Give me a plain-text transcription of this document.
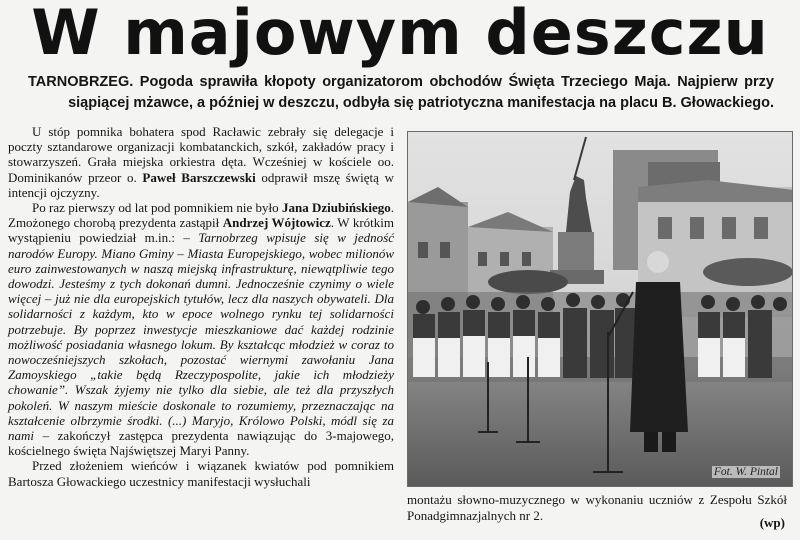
W majowym deszczu
TARNOBRZEG. Pogoda sprawiła kłopoty organizatorom obchodów Święta Trzeciego Maja. Najpierw przy siąpiącej mżawce, a później w deszczu, odbyła się patriotyczna manifestacja na placu B. Głowackiego.

U stóp pomnika bohatera spod Racławic zebrały się delegacje i poczty sztandarowe organizacji kombatanckich, szkół, zakładów pracy i stowarzyszeń. Grała miejska orkiestra dęta. Wcześniej w kościele oo. Dominikanów przeor o. Paweł Barszczewski odprawił mszę świętą w intencji ojczyzny.

Po raz pierwszy od lat pod pomnikiem nie było Jana Dziubińskiego. Zmożonego chorobą prezydenta zastąpił Andrzej Wójtowicz. W krótkim wystąpieniu powiedział m.in.: – Tarnobrzeg wpisuje się w jedność narodów Europy. Miano Gminy – Miasta Europejskiego, wobec milionów euro zainwestowanych w naszą miejską infrastrukturę, niewątpliwie tego dowodzi. Jesteśmy z tych dokonań dumni. Jednocześnie czynimy o wiele więcej – już nie dla europejskich tytułów, lecz dla naszych obywateli. Dla solidarności z każdym, kto w epoce wolnego rynku tej solidarności potrzebuje. By poprzez inwestycje mieszkaniowe dać każdej rodzinie możliwość posiadania własnego lokum. By kształcąc młodzież w coraz to nowocześniejszych szkołach, pozostać wiernymi zawołaniu Jana Zamoyskiego „takie będą Rzeczypospolite, jakie ich młodzieży chowanie”. Wszak żyjemy nie tylko dla siebie, ale też dla przyszłych pokoleń. W naszym mieście doskonale to rozumiemy, przeznaczając na kształcenie olbrzymie środki. (...) Maryjo, Królowo Polski, módl się za nami – zakończył zastępca prezydenta nawiązując do 3-majowego, kościelnego święta Najświętszej Maryi Panny.

Przed złożeniem wieńców i wiązanek kwiatów pod pomnikiem Bartosza Głowackiego uczestnicy manifestacji wysłuchali

Fot. W. Pintal
montażu słowno-muzycznego w wykonaniu uczniów z Zespołu Szkół Ponadgimnazjalnych nr 2.	(wp)
